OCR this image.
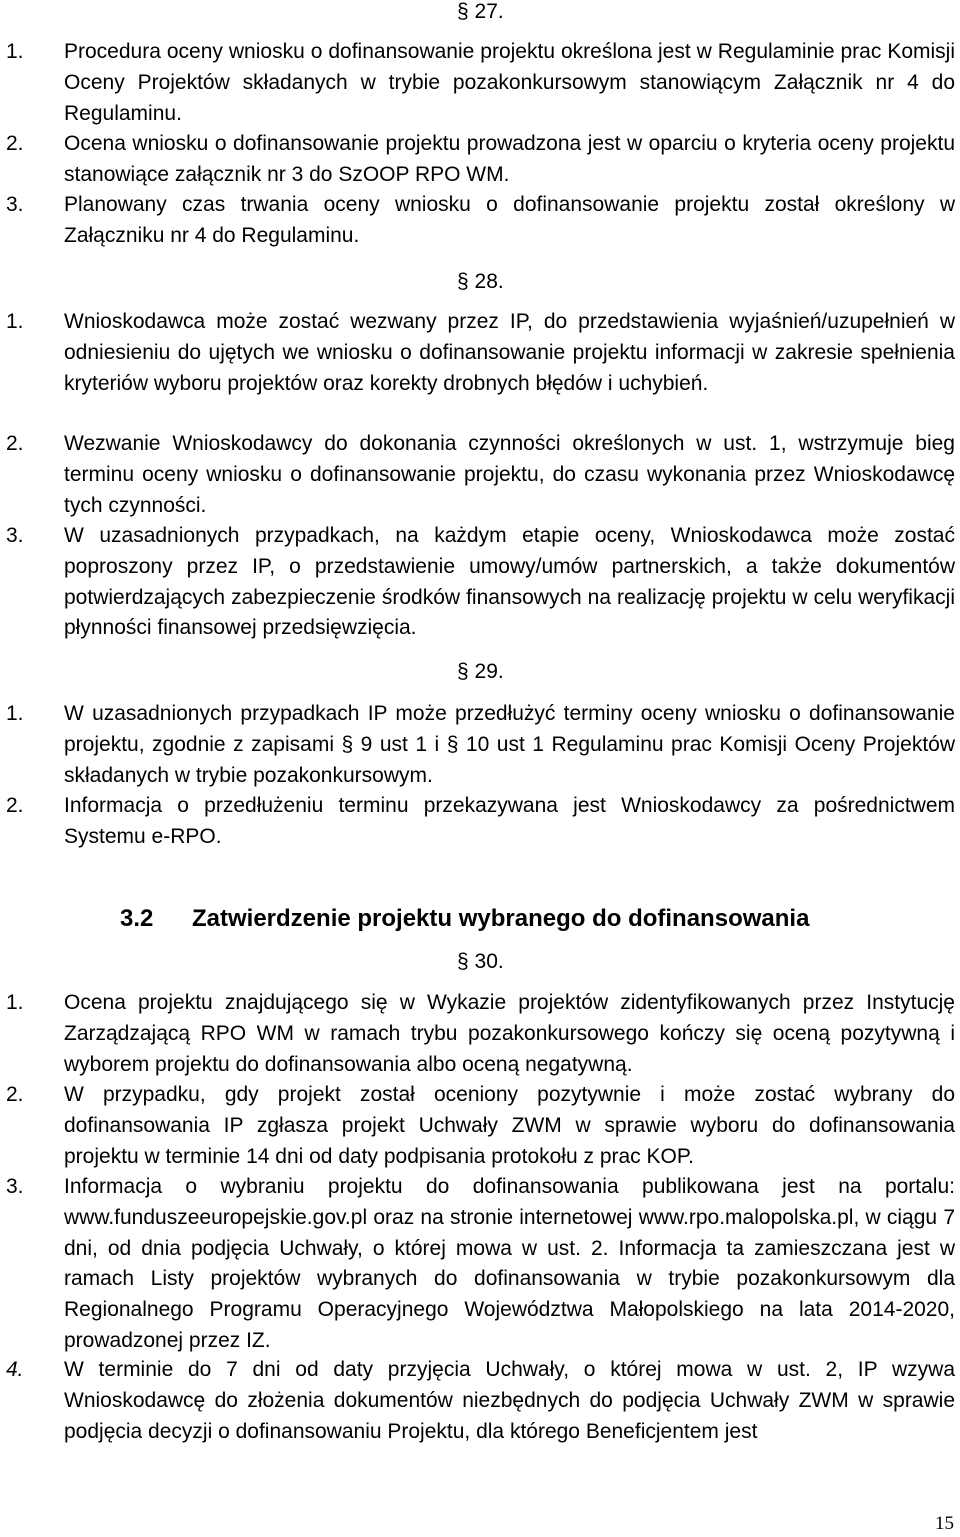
§ 27.
1. Procedura oceny wniosku o dofinansowanie projektu określona jest w Regulaminie prac Komisji Oceny Projektów składanych w trybie pozakonkursowym stanowiącym Załącznik nr 4 do Regulaminu.
2. Ocena wniosku o dofinansowanie projektu prowadzona jest w oparciu o kryteria oceny projektu stanowiące załącznik nr 3 do SzOOP RPO WM.
3. Planowany czas trwania oceny wniosku o dofinansowanie projektu został określony w Załączniku nr 4 do Regulaminu.
§ 28.
1. Wnioskodawca może zostać wezwany przez IP, do przedstawienia wyjaśnień/uzupełnień w odniesieniu do ujętych we wniosku o dofinansowanie projektu informacji w zakresie spełnienia kryteriów wyboru projektów oraz korekty drobnych błędów i uchybień.
2. Wezwanie Wnioskodawcy do dokonania czynności określonych w ust. 1, wstrzymuje bieg terminu oceny wniosku o dofinansowanie projektu, do czasu wykonania przez Wnioskodawcę tych czynności.
3. W uzasadnionych przypadkach, na każdym etapie oceny, Wnioskodawca może zostać poproszony przez IP, o przedstawienie umowy/umów partnerskich, a także dokumentów potwierdzających zabezpieczenie środków finansowych na realizację projektu w celu weryfikacji płynności finansowej przedsięwzięcia.
§ 29.
1. W uzasadnionych przypadkach IP może przedłużyć terminy oceny wniosku o dofinansowanie projektu, zgodnie z zapisami § 9 ust 1 i § 10 ust 1 Regulaminu prac Komisji Oceny Projektów składanych w trybie pozakonkursowym.
2. Informacja o przedłużeniu terminu przekazywana jest Wnioskodawcy za pośrednictwem Systemu e-RPO.
3.2 Zatwierdzenie projektu wybranego do dofinansowania
§ 30.
1. Ocena projektu znajdującego się w Wykazie projektów zidentyfikowanych przez Instytucję Zarządzającą RPO WM w ramach trybu pozakonkursowego kończy się oceną pozytywną i wyborem projektu do dofinansowania albo oceną negatywną.
2. W przypadku, gdy projekt został oceniony pozytywnie i może zostać wybrany do dofinansowania IP zgłasza projekt Uchwały ZWM w sprawie wyboru do dofinansowania projektu w terminie 14 dni od daty podpisania protokołu z prac KOP.
3. Informacja o wybraniu projektu do dofinansowania publikowana jest na portalu: www.funduszeeuropejskie.gov.pl oraz na stronie internetowej www.rpo.malopolska.pl, w ciągu 7 dni, od dnia podjęcia Uchwały, o której mowa w ust. 2. Informacja ta zamieszczana jest w ramach Listy projektów wybranych do dofinansowania w trybie pozakonkursowym dla Regionalnego Programu Operacyjnego Województwa Małopolskiego na lata 2014-2020, prowadzonej przez IZ.
4. W terminie do 7 dni od daty przyjęcia Uchwały, o której mowa w ust. 2, IP wzywa Wnioskodawcę do złożenia dokumentów niezbędnych do podjęcia Uchwały ZWM w sprawie podjęcia decyzji o dofinansowaniu Projektu, dla którego Beneficjentem jest
15
